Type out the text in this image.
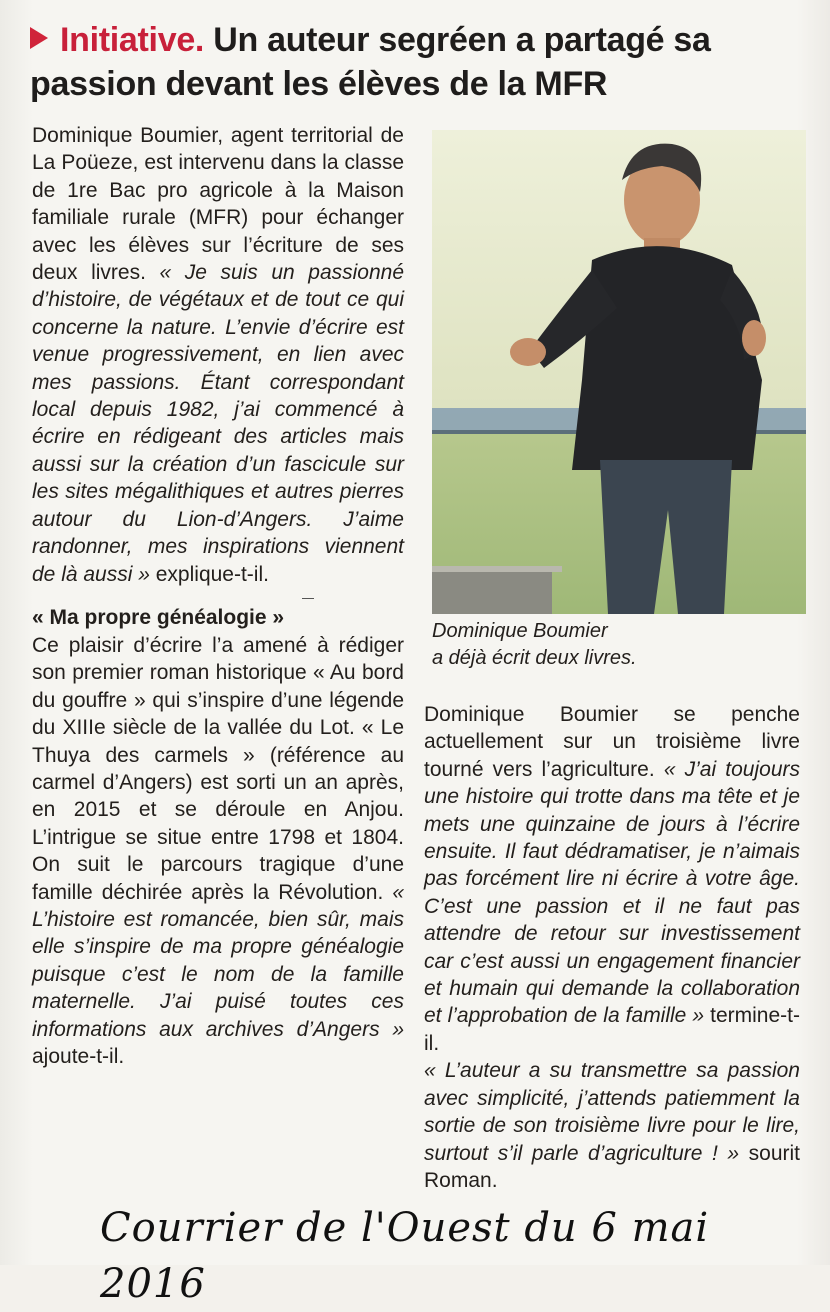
Initiative. Un auteur segréen a partagé sa passion devant les élèves de la MFR

Dominique Boumier, agent territorial de La Poüeze, est intervenu dans la classe de 1re Bac pro agricole à la Maison familiale rurale (MFR) pour échanger avec les élèves sur l’écriture de ses deux livres. « Je suis un passionné d’histoire, de végétaux et de tout ce qui concerne la nature. L’envie d’écrire est venue progressivement, en lien avec mes passions. Étant correspondant local depuis 1982, j’ai commencé à écrire en rédigeant des articles mais aussi sur la création d’un fascicule sur les sites mégalithiques et autres pierres autour du Lion-d’Angers. J’aime randonner, mes inspirations viennent de là aussi » explique-t-il.

« Ma propre généalogie »

Ce plaisir d’écrire l’a amené à rédiger son premier roman historique « Au bord du gouffre » qui s’inspire d’une légende du XIIIe siècle de la vallée du Lot. « Le Thuya des carmels » (référence au carmel d’Angers) est sorti un an après, en 2015 et se déroule en Anjou. L’intrigue se situe entre 1798 et 1804. On suit le parcours tragique d’une famille déchirée après la Révolution. « L’histoire est romancée, bien sûr, mais elle s’inspire de ma propre généalogie puisque c’est le nom de la famille maternelle. J’ai puisé toutes ces informations aux archives d’Angers » ajoute-t-il.

Dominique Boumier
a déjà écrit deux livres.

Dominique Boumier se penche actuellement sur un troisième livre tourné vers l’agriculture. « J’ai toujours une histoire qui trotte dans ma tête et je mets une quinzaine de jours à l’écrire ensuite. Il faut dédramatiser, je n’aimais pas forcément lire ni écrire à votre âge. C’est une passion et il ne faut pas attendre de retour sur investissement car c’est aussi un engagement financier et humain qui demande la collaboration et l’approbation de la famille » termine-t-il.

« L’auteur a su transmettre sa passion avec simplicité, j’attends patiemment la sortie de son troisième livre pour le lire, surtout s’il parle d’agriculture ! » sourit Roman.

Courrier de l'Ouest du 6 mai 2016
